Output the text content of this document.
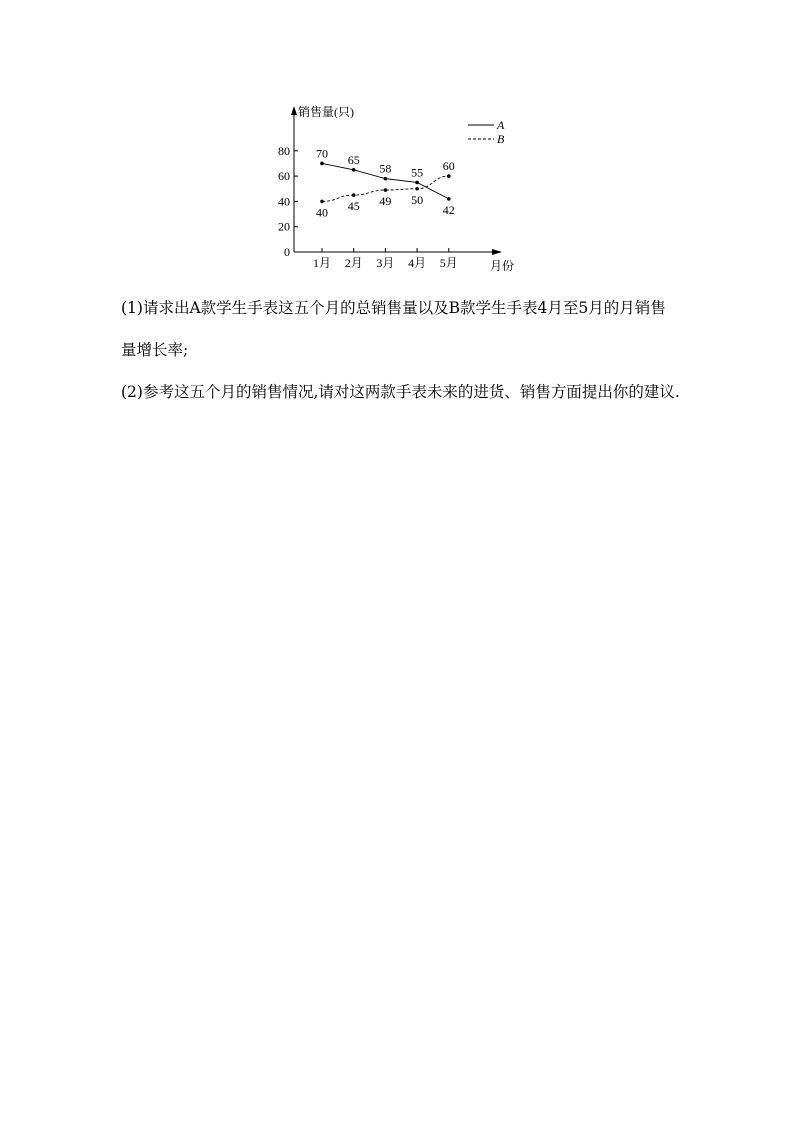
销售量(只)
月份
0
20
40
60
80
1月 2月 3月 4月 5月
70 65
58 55
42
40 45 49 50
60
A
B

(1)请求出A款学生手表这五个月的总销售量以及B款学生手表4月至5月的月销售量增长率;

(2)参考这五个月的销售情况,请对这两款手表未来的进货、销售方面提出你的建议.
